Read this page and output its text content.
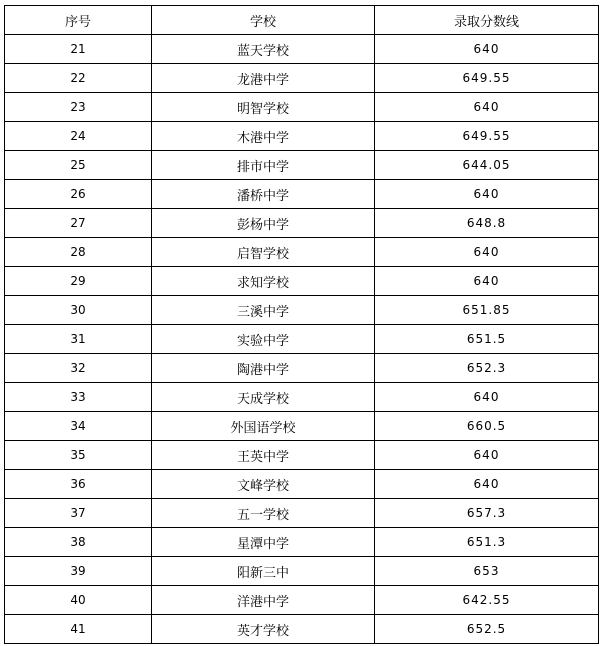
序号	学校	录取分数线
21	蓝天学校	640
22	龙港中学	649.55
23	明智学校	640
24	木港中学	649.55
25	排市中学	644.05
26	潘桥中学	640
27	彭杨中学	648.8
28	启智学校	640
29	求知学校	640
30	三溪中学	651.85
31	实验中学	651.5
32	陶港中学	652.3
33	天成学校	640
34	外国语学校	660.5
35	王英中学	640
36	文峰学校	640
37	五一学校	657.3
38	星潭中学	651.3
39	阳新三中	653
40	洋港中学	642.55
41	英才学校	652.5
